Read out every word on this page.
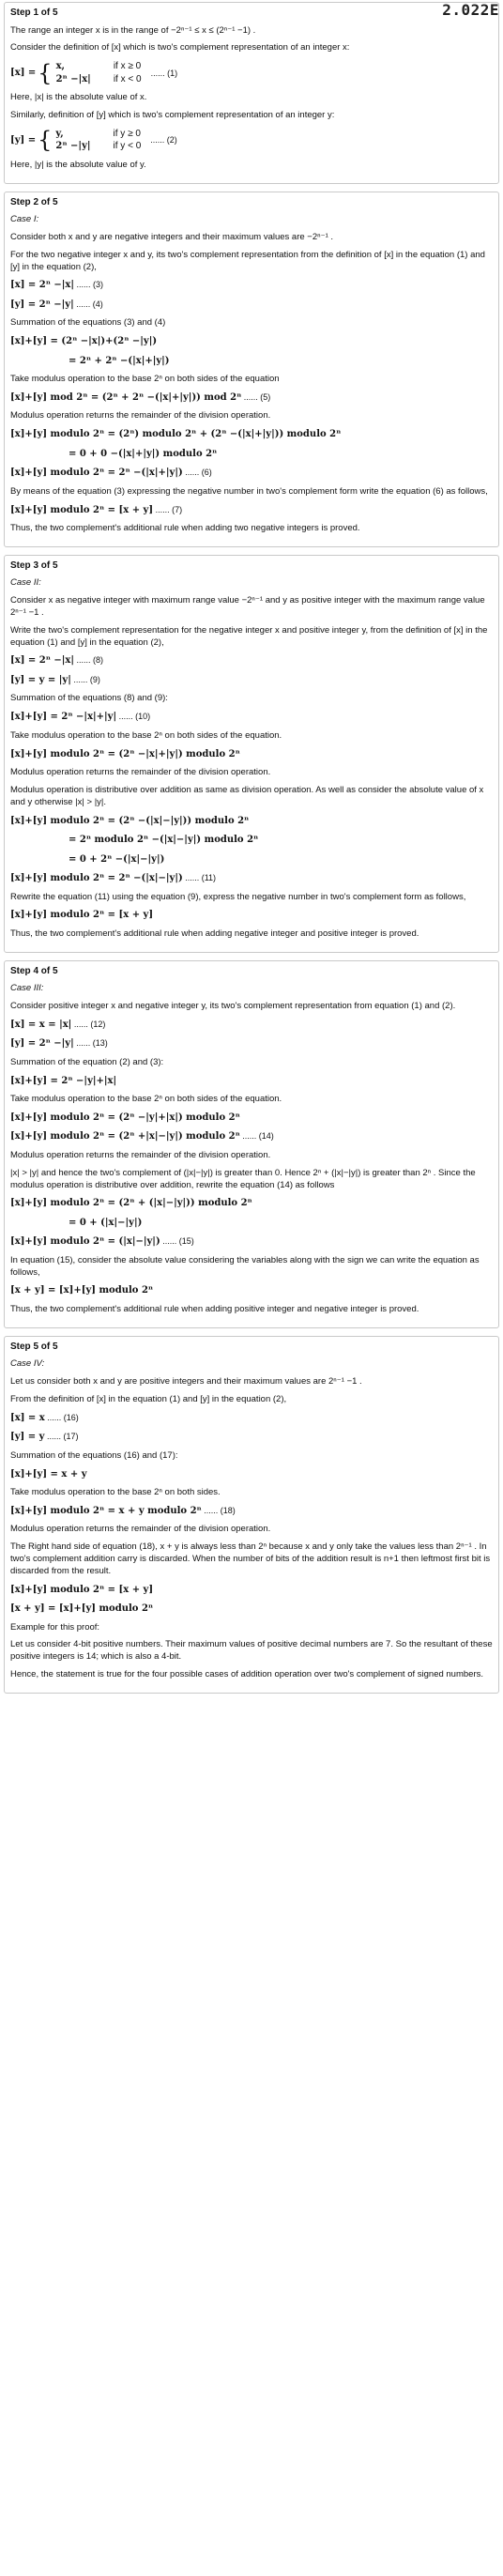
2.022E
Step 1 of 5
The range an integer x is in the range of −2ⁿ⁻¹ ≤ x ≤ (2ⁿ⁻¹ −1) .
Consider the definition of [x] which is two's complement representation of an integer x:
[x] = { x,	if x ≥ 0
2ⁿ −|x| if x < 0
...... (1)
Here, |x| is the absolute value of x.
Similarly, definition of [y] which is two's complement representation of an integer y:
[y] = { y,	if y ≥ 0
2ⁿ −|y| if y < 0
...... (2)
Here, |y| is the absolute value of y.
Step 2 of 5
Case I:
Consider both x and y are negative integers and their maximum values are −2ⁿ⁻¹ .
For the two negative integer x and y, its two's complement representation from the definition of [x] in the equation (1) and [y] in the equation (2),
[x] = 2ⁿ −|x| ...... (3)
[y] = 2ⁿ −|y| ...... (4)
Summation of the equations (3) and (4)
[x]+[y] = (2ⁿ −|x|)+(2ⁿ −|y|)
= 2ⁿ + 2ⁿ −(|x|+|y|)
Take modulus operation to the base 2ⁿ on both sides of the equation
[x]+[y] mod 2ⁿ = (2ⁿ + 2ⁿ −(|x|+|y|)) mod 2ⁿ ...... (5)
Modulus operation returns the remainder of the division operation.
[x]+[y] modulo 2ⁿ = (2ⁿ) modulo 2ⁿ + (2ⁿ −(|x|+|y|)) modulo 2ⁿ
= 0 + 0 −(|x|+|y|) modulo 2ⁿ
[x]+[y] modulo 2ⁿ = 2ⁿ −(|x|+|y|) ...... (6)
By means of the equation (3) expressing the negative number in two's complement form write the equation (6) as follows,
[x]+[y] modulo 2ⁿ = [x + y] ...... (7)
Thus, the two complement's additional rule when adding two negative integers is proved.
Step 3 of 5
Case II:
Consider x as negative integer with maximum range value −2ⁿ⁻¹ and y as positive integer with the maximum range value 2ⁿ⁻¹ −1 .
Write the two's complement representation for the negative integer x and positive integer y, from the definition of [x] in the equation (1) and [y] in the equation (2),
[x] = 2ⁿ −|x| ...... (8)
[y] = y = |y| ...... (9)
Summation of the equations (8) and (9):
[x]+[y] = 2ⁿ −|x|+|y| ...... (10)
Take modulus operation to the base 2ⁿ on both sides of the equation.
[x]+[y] modulo 2ⁿ = (2ⁿ −|x|+|y|) modulo 2ⁿ
Modulus operation returns the remainder of the division operation.
Modulus operation is distributive over addition as same as division operation. As well as consider the absolute value of x and y otherwise |x| > |y|.
[x]+[y] modulo 2ⁿ = (2ⁿ −(|x|−|y|)) modulo 2ⁿ
= 2ⁿ modulo 2ⁿ −(|x|−|y|) modulo 2ⁿ
= 0 + 2ⁿ −(|x|−|y|)
[x]+[y] modulo 2ⁿ = 2ⁿ −(|x|−|y|) ...... (11)
Rewrite the equation (11) using the equation (9), express the negative number in two's complement form as follows,
[x]+[y] modulo 2ⁿ = [x + y]
Thus, the two complement's additional rule when adding negative integer and positive integer is proved.
Step 4 of 5
Case III:
Consider positive integer x and negative integer y, its two's complement representation from equation (1) and (2).
[x] = x = |x| ...... (12)
[y] = 2ⁿ −|y| ...... (13)
Summation of the equation (2) and (3):
[x]+[y] = 2ⁿ −|y|+|x|
Take modulus operation to the base 2ⁿ on both sides of the equation.
[x]+[y] modulo 2ⁿ = (2ⁿ −|y|+|x|) modulo 2ⁿ
[x]+[y] modulo 2ⁿ = (2ⁿ +|x|−|y|) modulo 2ⁿ ...... (14)
Modulus operation returns the remainder of the division operation.
|x| > |y| and hence the two's complement of (|x|−|y|) is greater than 0. Hence 2ⁿ + (|x|−|y|) is greater than 2ⁿ . Since the modulus operation is distributive over addition, rewrite the equation (14) as follows
[x]+[y] modulo 2ⁿ = (2ⁿ + (|x|−|y|)) modulo 2ⁿ
= 0 + (|x|−|y|)
[x]+[y] modulo 2ⁿ = (|x|−|y|) ...... (15)
In equation (15), consider the absolute value considering the variables along with the sign we can write the equation as follows,
[x + y] = [x]+[y] modulo 2ⁿ
Thus, the two complement's additional rule when adding positive integer and negative integer is proved.
Step 5 of 5
Case IV:
Let us consider both x and y are positive integers and their maximum values are 2ⁿ⁻¹ −1 .
From the definition of [x] in the equation (1) and [y] in the equation (2),
[x] = x ...... (16)
[y] = y ...... (17)
Summation of the equations (16) and (17):
[x]+[y] = x + y
Take modulus operation to the base 2ⁿ on both sides.
[x]+[y] modulo 2ⁿ = x + y modulo 2ⁿ ...... (18)
Modulus operation returns the remainder of the division operation.
The Right hand side of equation (18), x + y is always less than 2ⁿ because x and y only take the values less than 2ⁿ⁻¹ . In two's complement addition carry is discarded. When the number of bits of the addition result is n+1 then leftmost first bit is discarded from the result.
[x]+[y] modulo 2ⁿ = [x + y]
[x + y] = [x]+[y] modulo 2ⁿ
Example for this proof:
Let us consider 4-bit positive numbers. Their maximum values of positive decimal numbers are 7. So the resultant of these positive integers is 14; which is also a 4-bit.
Hence, the statement is true for the four possible cases of addition operation over two's complement of signed numbers.
